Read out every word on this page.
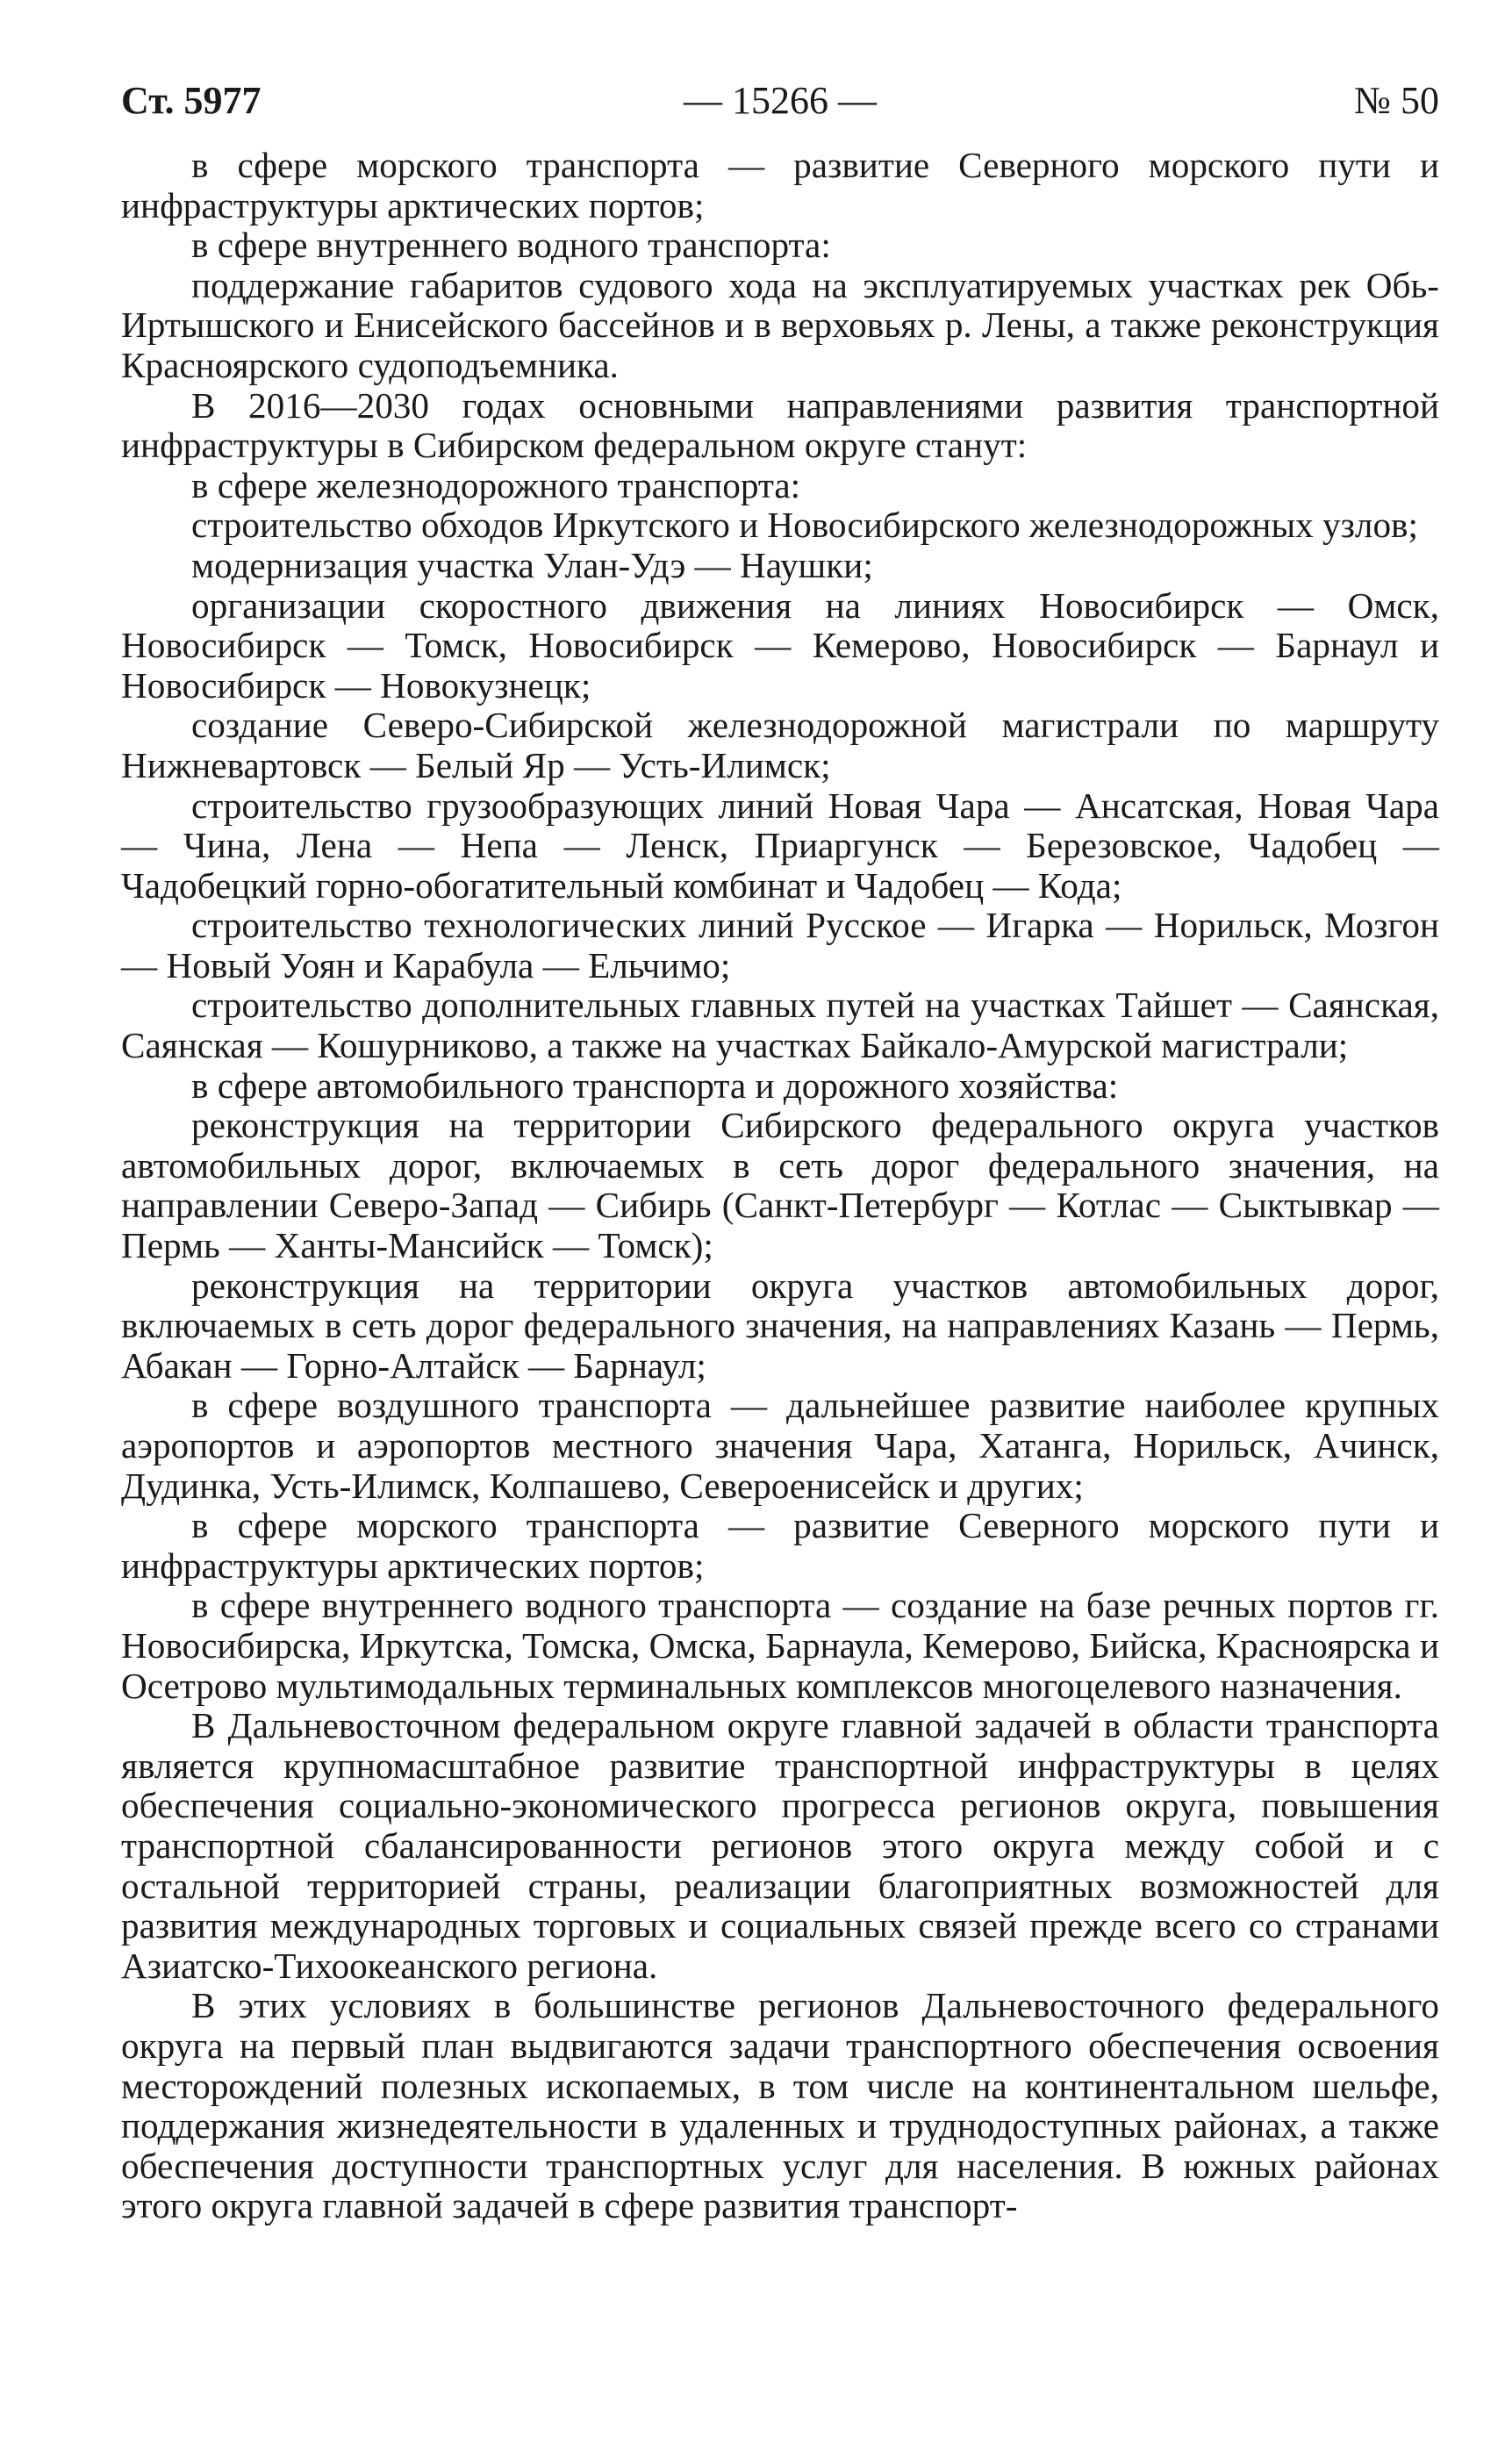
Ст. 5977	— 15266 —	№ 50

в сфере морского транспорта — развитие Северного морского пути и инфраструктуры арктических портов;

в сфере внутреннего водного транспорта:

поддержание габаритов судового хода на эксплуатируемых участках рек Обь-Иртышского и Енисейского бассейнов и в верховьях р. Лены, а также реконструкция Красноярского судоподъемника.

В 2016—2030 годах основными направлениями развития транспортной инфраструктуры в Сибирском федеральном округе станут:

в сфере железнодорожного транспорта:

строительство обходов Иркутского и Новосибирского железнодорожных узлов;

модернизация участка Улан-Удэ — Наушки;

организации скоростного движения на линиях Новосибирск — Омск, Новосибирск — Томск, Новосибирск — Кемерово, Новосибирск — Барнаул и Новосибирск — Новокузнецк;

создание Северо-Сибирской железнодорожной магистрали по маршруту Нижневартовск — Белый Яр — Усть-Илимск;

строительство грузообразующих линий Новая Чара — Ансатская, Новая Чара — Чина, Лена — Непа — Ленск, Приаргунск — Березовское, Чадобец — Чадобецкий горно-обогатительный комбинат и Чадобец — Кода;

строительство технологических линий Русское — Игарка — Норильск, Мозгон — Новый Уоян и Карабула — Ельчимо;

строительство дополнительных главных путей на участках Тайшет — Саянская, Саянская — Кошурниково, а также на участках Байкало-Амурской магистрали;

в сфере автомобильного транспорта и дорожного хозяйства:

реконструкция на территории Сибирского федерального округа участков автомобильных дорог, включаемых в сеть дорог федерального значения, на направлении Северо-Запад — Сибирь (Санкт-Петербург — Котлас — Сыктывкар — Пермь — Ханты-Мансийск — Томск);

реконструкция на территории округа участков автомобильных дорог, включаемых в сеть дорог федерального значения, на направлениях Казань — Пермь, Абакан — Горно-Алтайск — Барнаул;

в сфере воздушного транспорта — дальнейшее развитие наиболее крупных аэропортов и аэропортов местного значения Чара, Хатанга, Норильск, Ачинск, Дудинка, Усть-Илимск, Колпашево, Североенисейск и других;

в сфере морского транспорта — развитие Северного морского пути и инфраструктуры арктических портов;

в сфере внутреннего водного транспорта — создание на базе речных портов гг. Новосибирска, Иркутска, Томска, Омска, Барнаула, Кемерово, Бийска, Красноярска и Осетрово мультимодальных терминальных комплексов многоцелевого назначения.

В Дальневосточном федеральном округе главной задачей в области транспорта является крупномасштабное развитие транспортной инфраструктуры в целях обеспечения социально-экономического прогресса регионов округа, повышения транспортной сбалансированности регионов этого округа между собой и с остальной территорией страны, реализации благоприятных возможностей для развития международных торговых и социальных связей прежде всего со странами Азиатско-Тихоокеанского региона.

В этих условиях в большинстве регионов Дальневосточного федерального округа на первый план выдвигаются задачи транспортного обеспечения освоения месторождений полезных ископаемых, в том числе на континентальном шельфе, поддержания жизнедеятельности в удаленных и труднодоступных районах, а также обеспечения доступности транспортных услуг для населения. В южных районах этого округа главной задачей в сфере развития транспорт-
